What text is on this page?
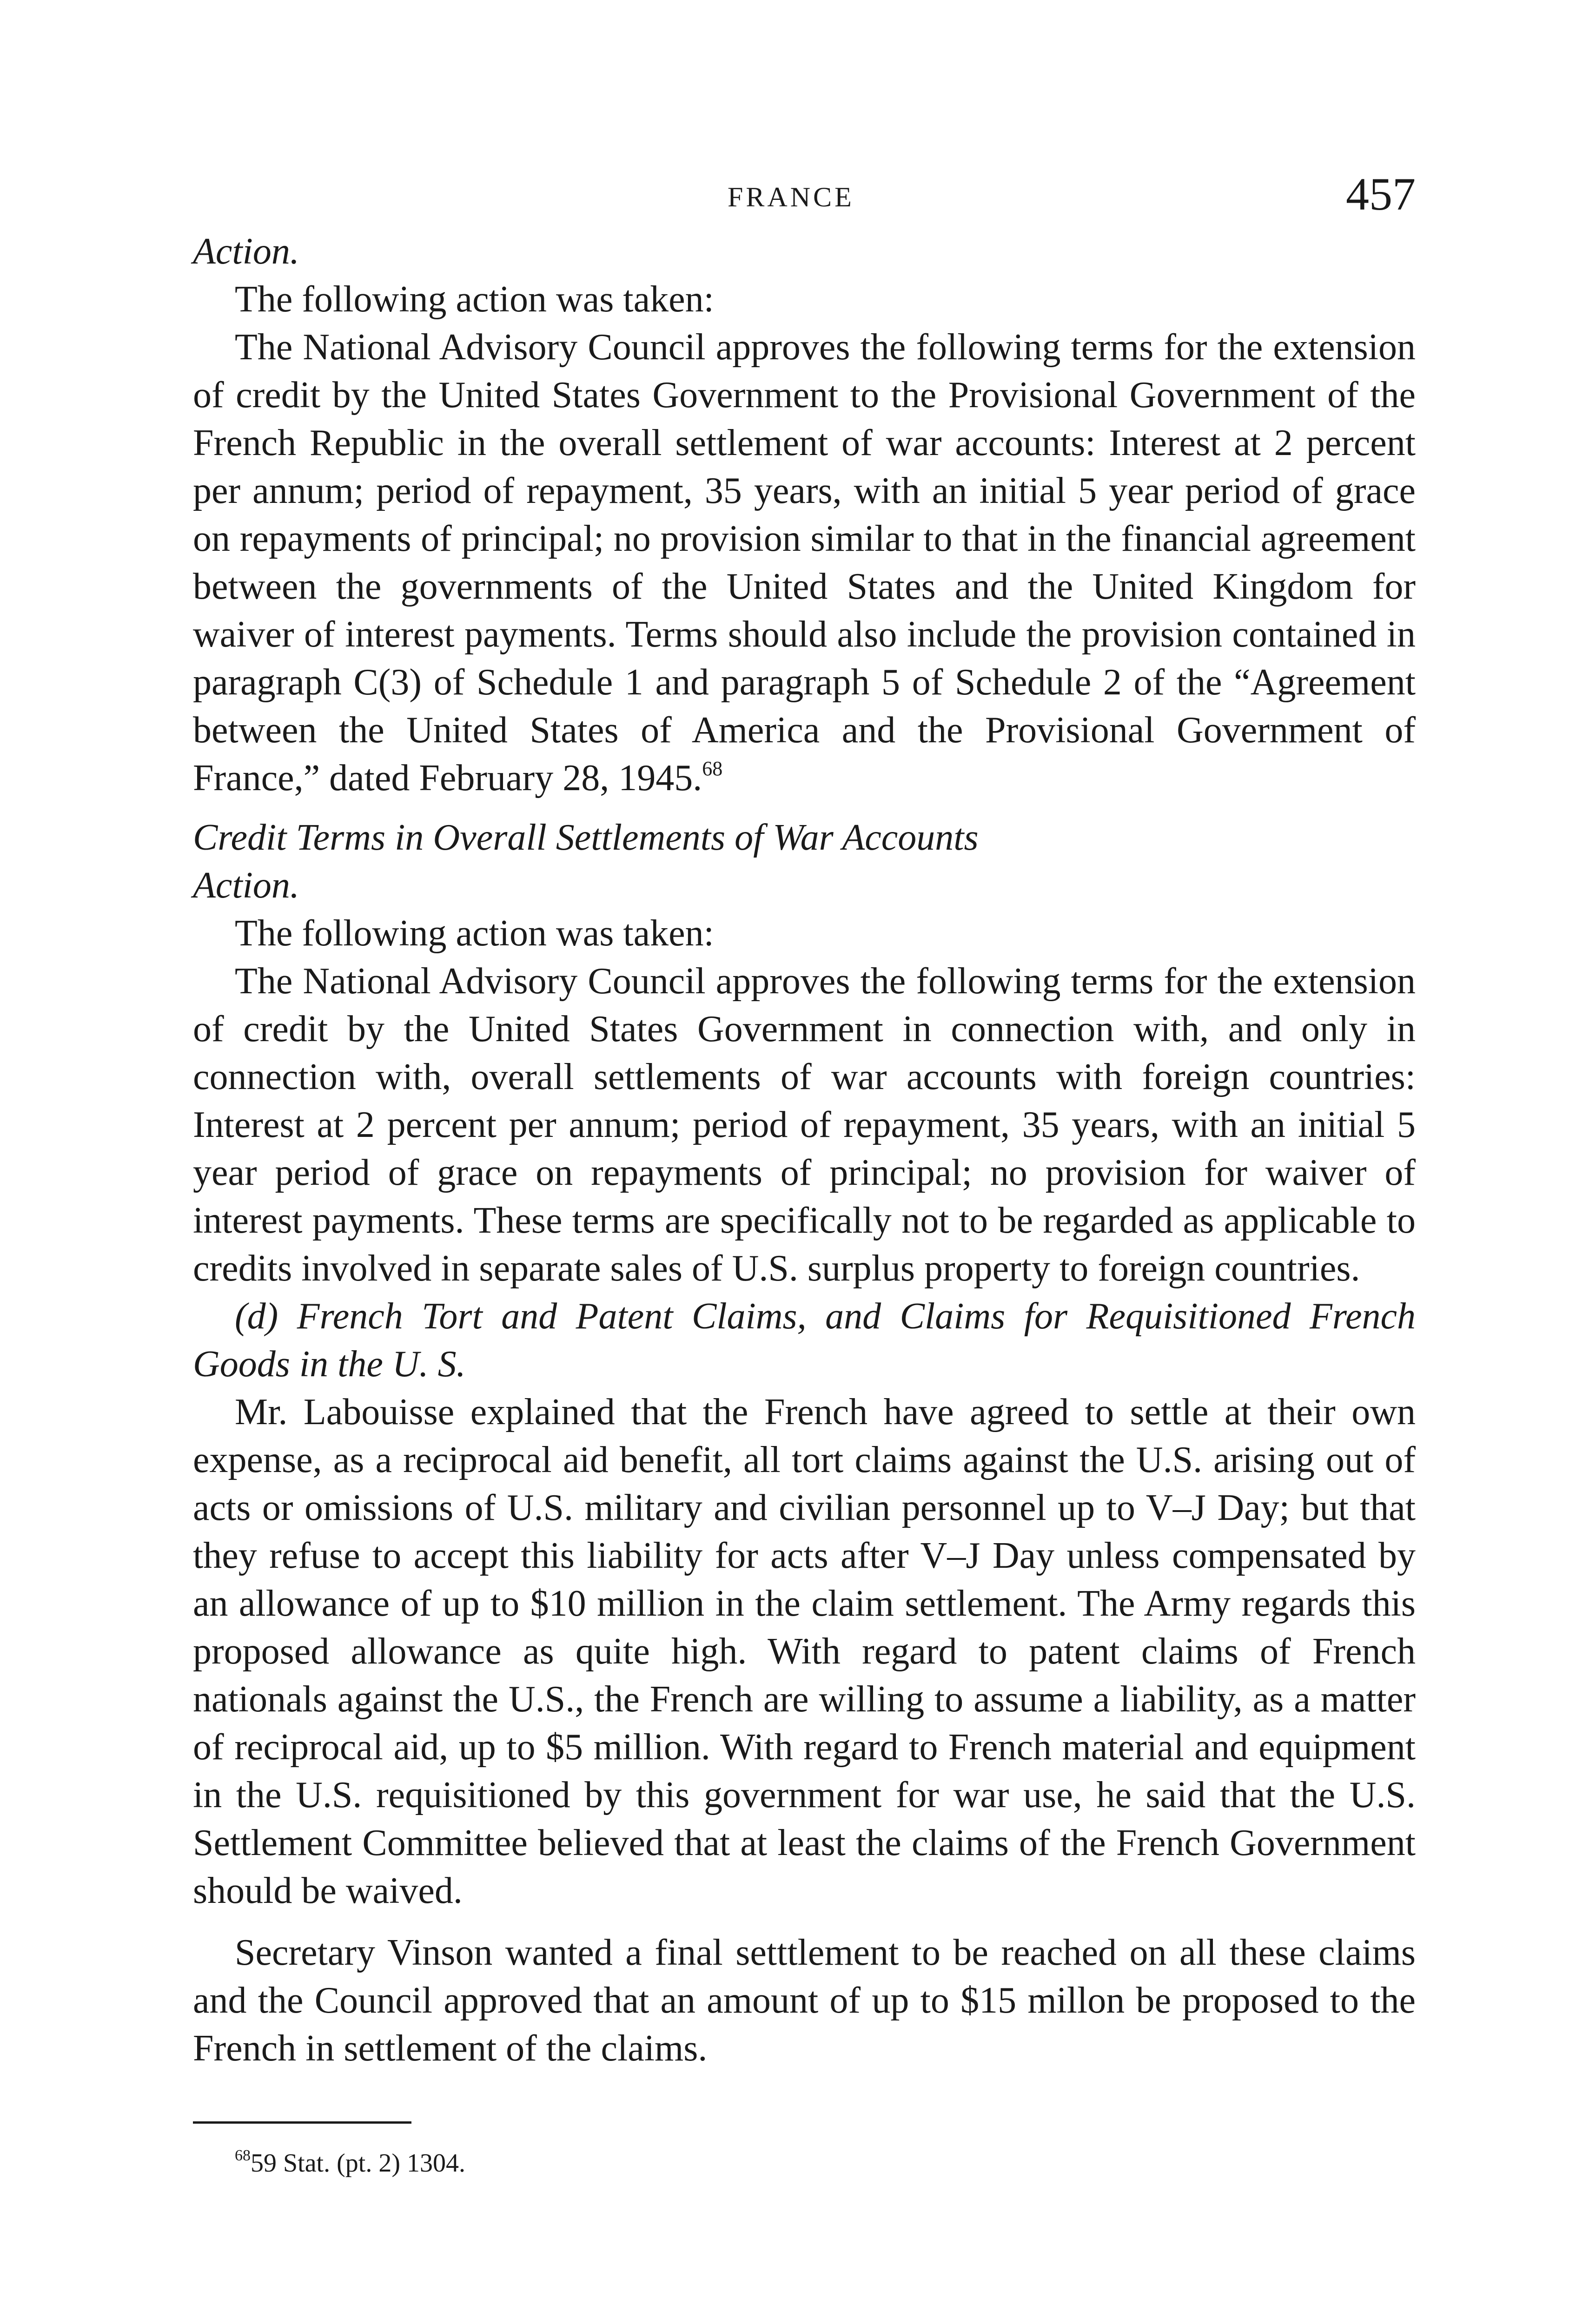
FRANCE	457

Action.

The following action was taken:

The National Advisory Council approves the following terms for the extension of credit by the United States Government to the Provisional Government of the French Republic in the overall settlement of war accounts: Interest at 2 percent per annum; period of repayment, 35 years, with an initial 5 year period of grace on repayments of principal; no provision similar to that in the financial agreement between the governments of the United States and the United Kingdom for waiver of interest payments. Terms should also include the provision contained in paragraph C(3) of Schedule 1 and paragraph 5 of Schedule 2 of the “Agreement between the United States of America and the Provisional Government of France,” dated February 28, 1945.68

Credit Terms in Overall Settlements of War Accounts

Action.

The following action was taken:

The National Advisory Council approves the following terms for the extension of credit by the United States Government in connection with, and only in connection with, overall settlements of war accounts with foreign countries: Interest at 2 percent per annum; period of repayment, 35 years, with an initial 5 year period of grace on repayments of principal; no provision for waiver of interest payments. These terms are specifically not to be regarded as applicable to credits involved in separate sales of U.S. surplus property to foreign countries.

(d) French Tort and Patent Claims, and Claims for Requisitioned French Goods in the U. S.

Mr. Labouisse explained that the French have agreed to settle at their own expense, as a reciprocal aid benefit, all tort claims against the U.S. arising out of acts or omissions of U.S. military and civilian personnel up to V–J Day; but that they refuse to accept this liability for acts after V–J Day unless compensated by an allowance of up to $10 million in the claim settlement. The Army regards this proposed allowance as quite high. With regard to patent claims of French nationals against the U.S., the French are willing to assume a liability, as a matter of reciprocal aid, up to $5 million. With regard to French material and equipment in the U.S. requisitioned by this government for war use, he said that the U.S. Settlement Committee believed that at least the claims of the French Government should be waived.

Secretary Vinson wanted a final setttlement to be reached on all these claims and the Council approved that an amount of up to $15 millon be proposed to the French in settlement of the claims.

$^{68}$59 Stat. (pt. 2) 1304.
